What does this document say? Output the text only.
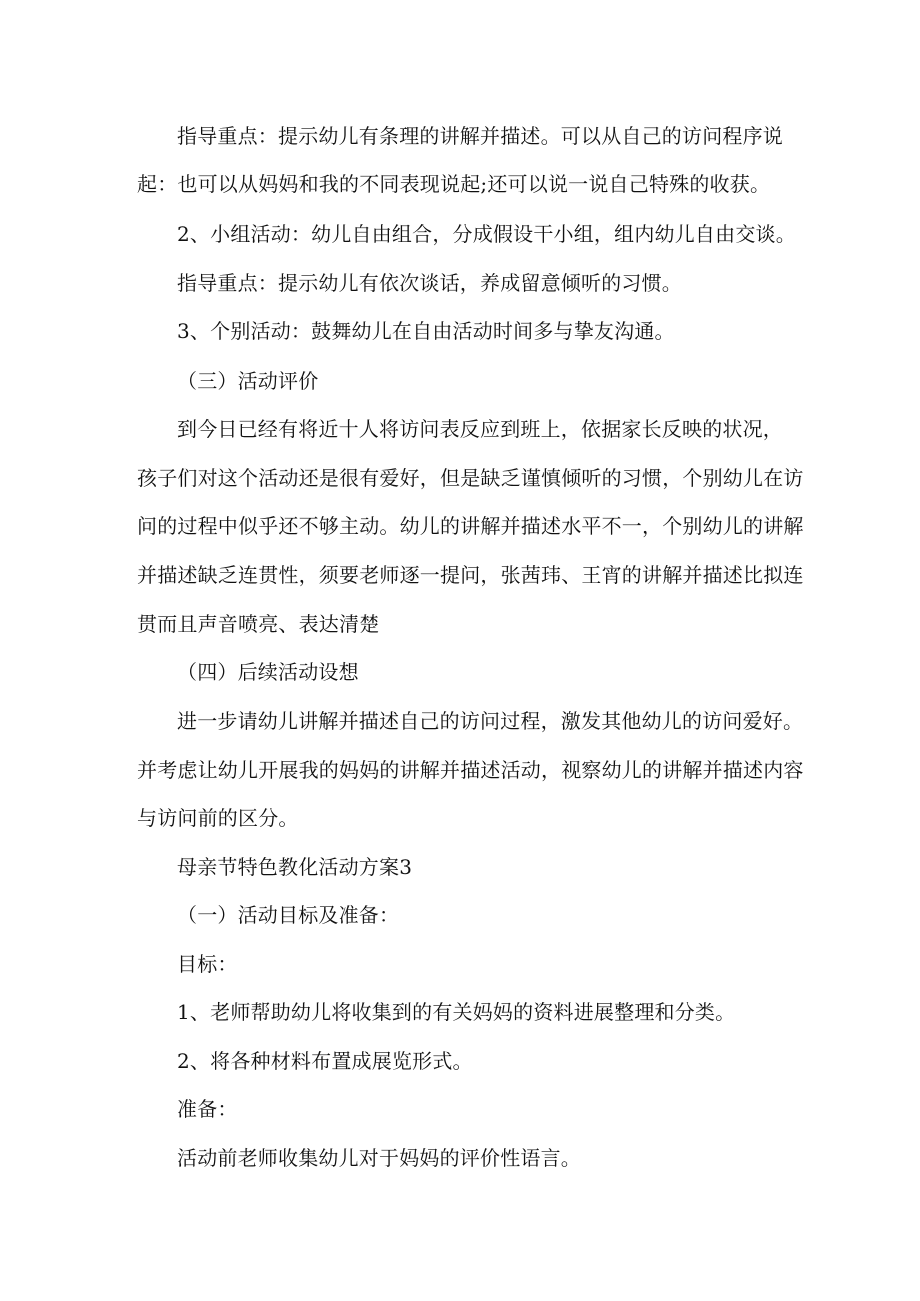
指导重点：提示幼儿有条理的讲解并描述。可以从自己的访问程序说
起：也可以从妈妈和我的不同表现说起;还可以说一说自己特殊的收获。
2、小组活动：幼儿自由组合，分成假设干小组，组内幼儿自由交谈。
指导重点：提示幼儿有依次谈话，养成留意倾听的习惯。
3、个别活动：鼓舞幼儿在自由活动时间多与挚友沟通。
（三）活动评价
到今日已经有将近十人将访问表反应到班上，依据家长反映的状况，
孩子们对这个活动还是很有爱好，但是缺乏谨慎倾听的习惯，个别幼儿在访
问的过程中似乎还不够主动。幼儿的讲解并描述水平不一，个别幼儿的讲解
并描述缺乏连贯性，须要老师逐一提问，张茜玮、王宵的讲解并描述比拟连
贯而且声音喷亮、表达清楚
（四）后续活动设想
进一步请幼儿讲解并描述自己的访问过程，激发其他幼儿的访问爱好。
并考虑让幼儿开展我的妈妈的讲解并描述活动，视察幼儿的讲解并描述内容
与访问前的区分。
母亲节特色教化活动方案3
（一）活动目标及准备：
目标：
1、老师帮助幼儿将收集到的有关妈妈的资料进展整理和分类。
2、将各种材料布置成展览形式。
准备：
活动前老师收集幼儿对于妈妈的评价性语言。
